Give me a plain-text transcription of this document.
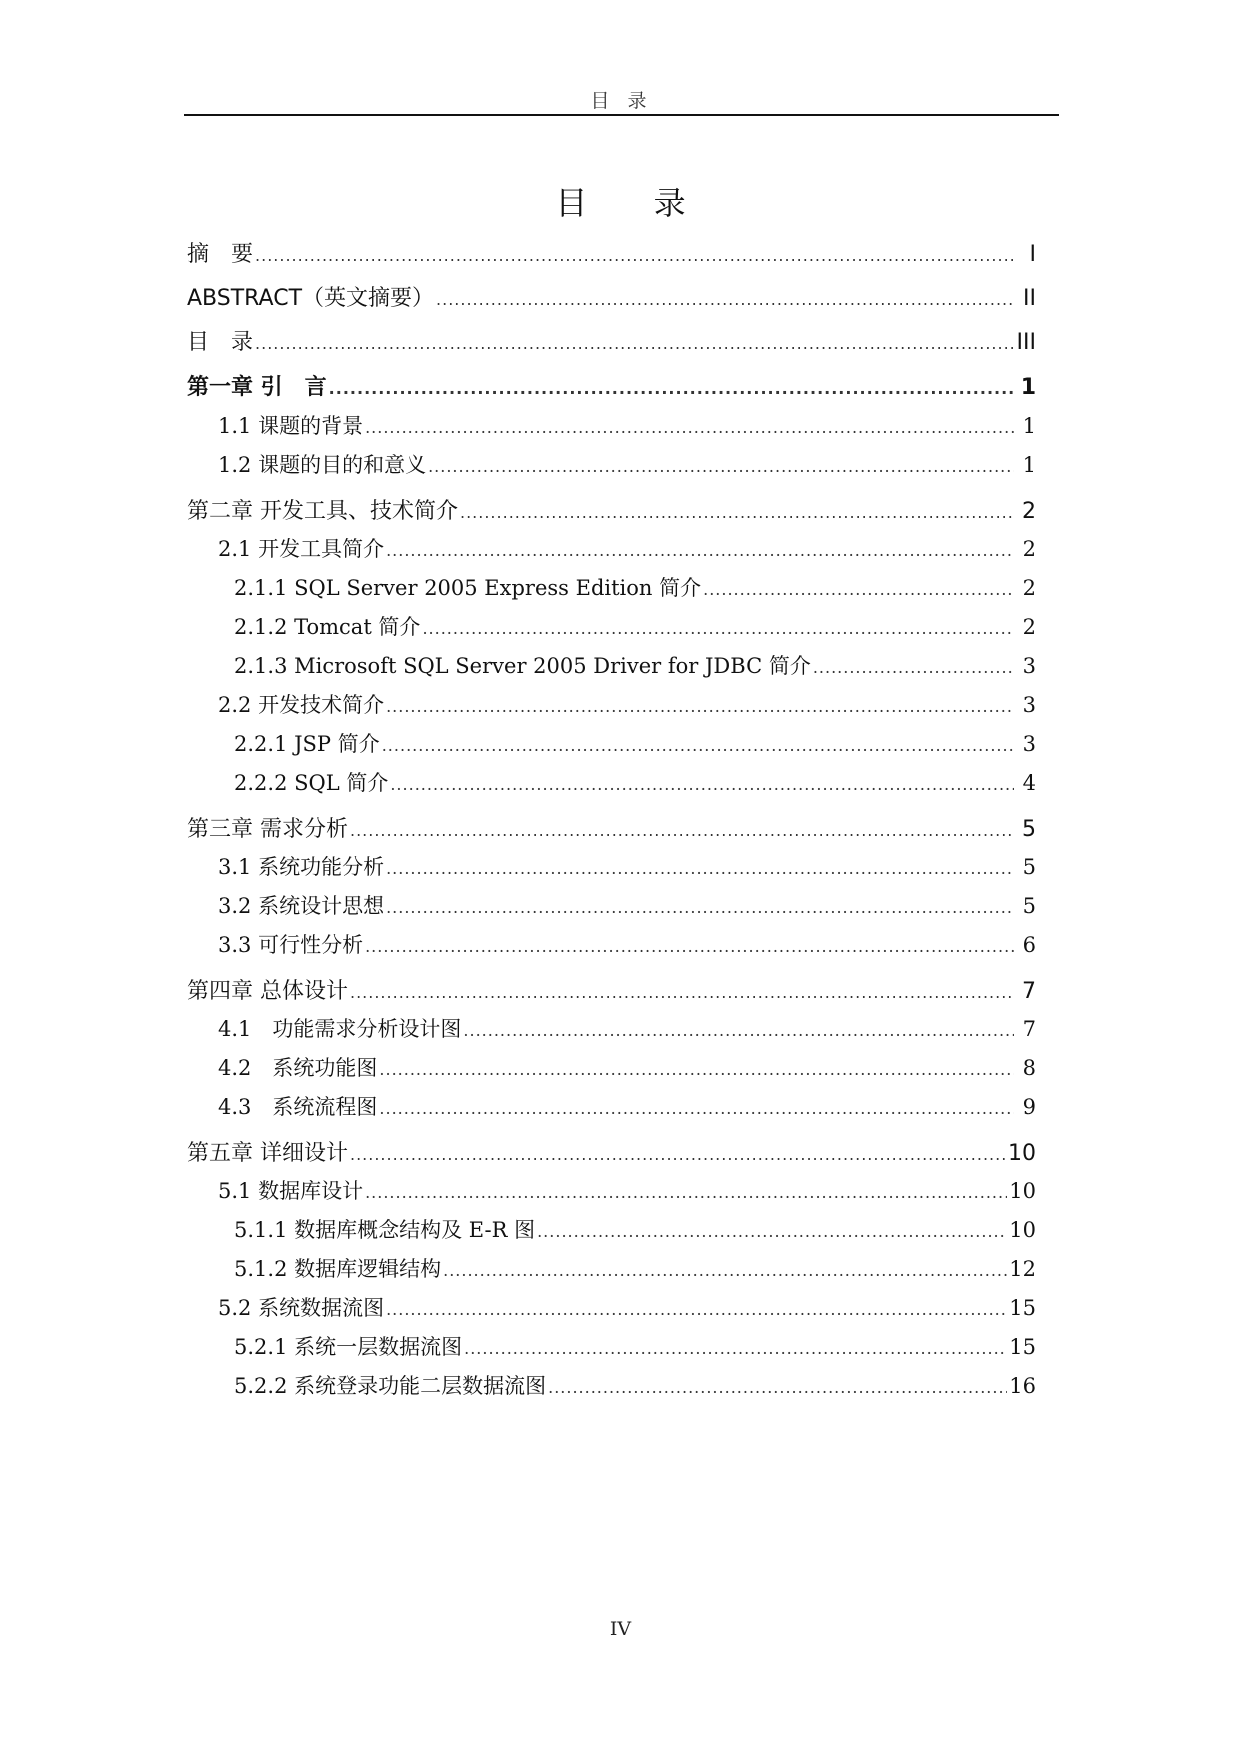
目 录
目 录
摘　要 .....	I
ABSTRACT（英文摘要） .....	II
目　录 .....	III
第一章 引　言 .....	1
1.1 课题的背景 .....	1
1.2 课题的目的和意义 .....	1
第二章 开发工具、技术简介 .....	2
2.1 开发工具简介 .....	2
2.1.1 SQL Server 2005 Express Edition 简介 .....	2
2.1.2 Tomcat 简介 .....	2
2.1.3 Microsoft SQL Server 2005 Driver for JDBC 简介 .....	3
2.2 开发技术简介 .....	3
2.2.1 JSP 简介 .....	3
2.2.2 SQL 简介 .....	4
第三章 需求分析 .....	5
3.1 系统功能分析 .....	5
3.2 系统设计思想 .....	5
3.3 可行性分析 .....	6
第四章 总体设计 .....	7
4.1　功能需求分析设计图 .....	7
4.2　系统功能图 .....	8
4.3　系统流程图 .....	9
第五章 详细设计 .....	10
5.1 数据库设计 .....	10
5.1.1 数据库概念结构及 E-R 图 .....	10
5.1.2 数据库逻辑结构 .....	12
5.2 系统数据流图 .....	15
5.2.1 系统一层数据流图 .....	15
5.2.2 系统登录功能二层数据流图 .....	16
IV
